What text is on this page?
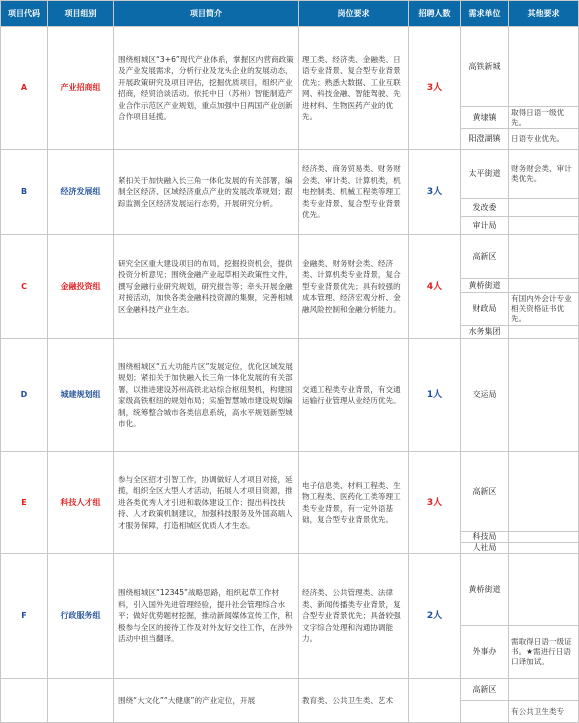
项目代码	项目组别	项目简介	岗位要求	招聘人数	需求单位	其他要求
A	产业招商组	围绕相城区“3+6”现代产业体系，掌握区内营商政策及产业发展需求，分析行业及龙头企业的发展动态，开展政策研究及项目评估，挖掘优质项目，组织产业招商，经贸洽谈活动。依托中日（苏州）智能制造产业合作示范区产业规划，重点加强中日两国产业创新合作项目延揽。	理工类、经济类、金融类、日语专业背景、复合型专业背景优先；熟悉大数据、工业互联网、科技金融、智能驾驶、先进材料、生物医药产业的优先。	3人	高铁新城	
					黄埭镇	取得日语一级优先。
					阳澄湖镇	日语专业优先。
B	经济发展组	紧扣关于加快融入长三角一体化发展的有关部署，编制全区经济、区域经济重点产业的发展改革规划；跟踪监测全区经济发展运行态势，开展研究分析。	经济类、商务贸易类、财务财会类、审计类、计算机类，机电控制类、机械工程类等理工类专业背景、复合型专业背景优先。	3人	太平街道	财务财会类、审计类优先。
					发改委	
					审计局	
C	金融投资组	研究全区重大建设项目的布局，挖掘投资机会，提供投资分析意见；围绕金融产业起草相关政策性文件，撰写金融行业研究规划，研究报告等；牵头开展金融对接活动，加快各类金融科技资源的集聚，完善相城区金融科技产业生态。	金融类、财务财会类、经济类、计算机类专业背景，复合型专业背景优先；具有较强的成本管理、经济宏观分析、金融风险控制和金融分析能力。	4人	高新区	
					黄桥街道	
					财政局	有国内外会计专业相关资格证书优先。
					水务集团	
D	城建规划组	围绕相城区“五大功能片区”发展定位，优化区域发展规划；紧扣关于加快融入长三角一体化发展的有关部署，以推进建设苏州高铁北站综合枢纽契机，构建国家级高铁枢纽的规划布局；实施智慧城市建设规划编制，统筹整合城市各类信息系统，高水平规划新型城市化。	交通工程类专业背景，有交通运输行业管理从业经历优先。	1人	交运局	
E	科技人才组	参与全区招才引智工作，协调做好人才项目对接，延揽，组织全区大型人才活动，拓展人才项目资源，推进各类优秀人才引进和载体建设工作；提出科技扶持、人才政策机制建议，加强科技服务及外国高端人才服务保障，打造相城区优质人才生态。	电子信息类、材料工程类、生物工程类、医药化工类等理工类专业背景，有一定外语基础，复合型专业背景优先。	3人	高新区	
					科技局	
					人社局	
F	行政服务组	围绕相城区“12345”战略思路，组织起草工作材料，引入国外先进管理经验，提升社会管理综合水平；做好优势题材挖掘，推动新闻媒体宣传工作，积极参与全区的接待工作及对外友好交往工作，在涉外活动中担当翻译。	经济类、公共管理类、法律类、新闻传播类专业背景，复合型专业背景优先；具备较强文字综合处理和沟通协调能力。	2人	黄桥街道	
					外事办	需取得日语一级证书。★需进行日语口译加试。
		围绕“大文化”“大健康”的产业定位，开展	教育类、公共卫生类、艺术		高新区	
						有公共卫生类专
